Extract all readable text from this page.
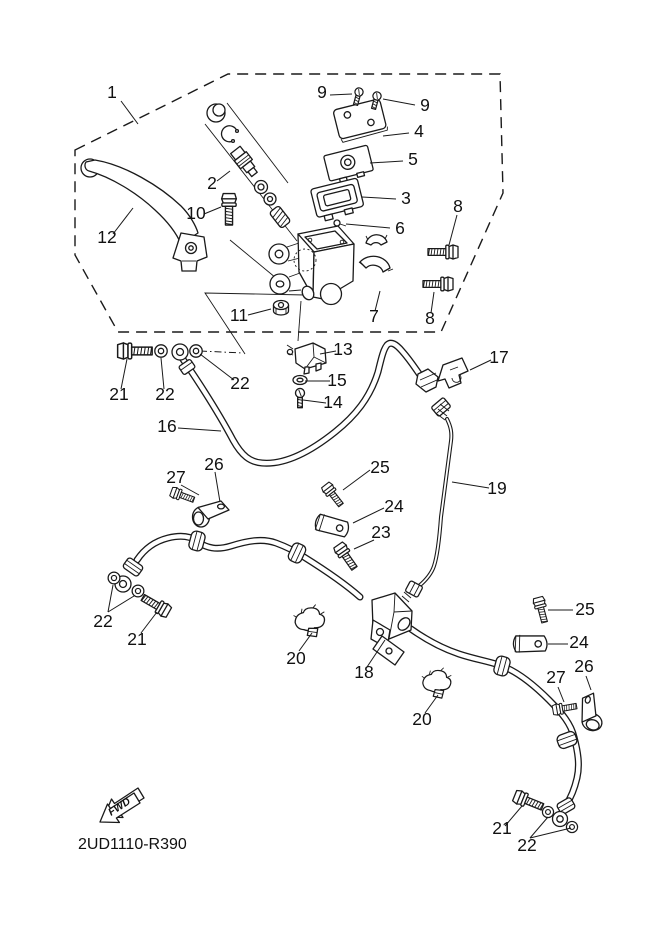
FWD
2UD1110-R390
1	9
9
4
5
3
6
8
2
10
12
7	8
11
13
15
14
21 22
22
16
17
19
25
26
27
24
23
22
21
20
18
20
25
24
26
27
21
22
